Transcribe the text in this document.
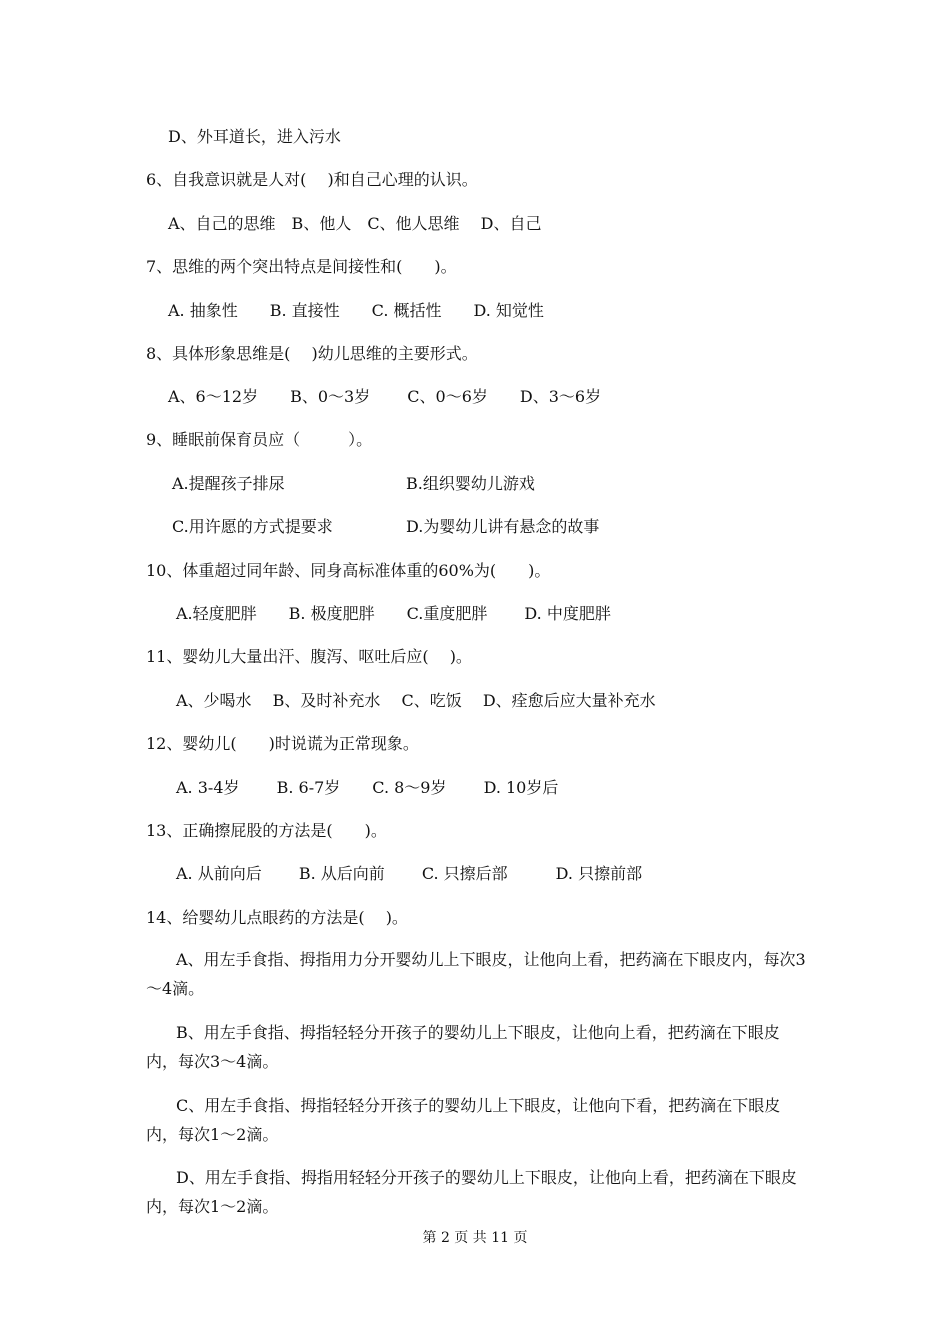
D、外耳道长，进入污水
6、自我意识就是人对(　 )和自己心理的认识。
A、自己的思维　B、他人　C、他人思维　 D、自己
7、思维的两个突出特点是间接性和(　　)。
A. 抽象性　　B. 直接性　　C. 概括性　　D. 知觉性
8、具体形象思维是(　 )幼儿思维的主要形式。
A、6～12岁　　B、0～3岁　　 C、0～6岁　　D、3～6岁
9、睡眠前保育员应（　　　）。
A.提醒孩子排尿	B.组织婴幼儿游戏
C.用许愿的方式提要求	D.为婴幼儿讲有悬念的故事
10、体重超过同年龄、同身高标准体重的60%为(　　)。
A.轻度肥胖　　B. 极度肥胖　　C.重度肥胖　　 D. 中度肥胖
11、婴幼儿大量出汗、腹泻、呕吐后应(　 )。
A、少喝水　 B、及时补充水　 C、吃饭　 D、痊愈后应大量补充水
12、婴幼儿(　　)时说谎为正常现象。
A. 3-4岁　　 B. 6-7岁　　C. 8～9岁　　 D. 10岁后
13、正确擦屁股的方法是(　　)。
A. 从前向后　　 B. 从后向前　　 C. 只擦后部　　　D. 只擦前部
14、给婴幼儿点眼药的方法是(　 )。
A、用左手食指、拇指用力分开婴幼儿上下眼皮，让他向上看，把药滴在下眼皮内，每次3～4滴。
B、用左手食指、拇指轻轻分开孩子的婴幼儿上下眼皮，让他向上看，把药滴在下眼皮内，每次3～4滴。
C、用左手食指、拇指轻轻分开孩子的婴幼儿上下眼皮，让他向下看，把药滴在下眼皮内，每次1～2滴。
D、用左手食指、拇指用轻轻分开孩子的婴幼儿上下眼皮，让他向上看，把药滴在下眼皮内，每次1～2滴。
第 2 页 共 11 页
